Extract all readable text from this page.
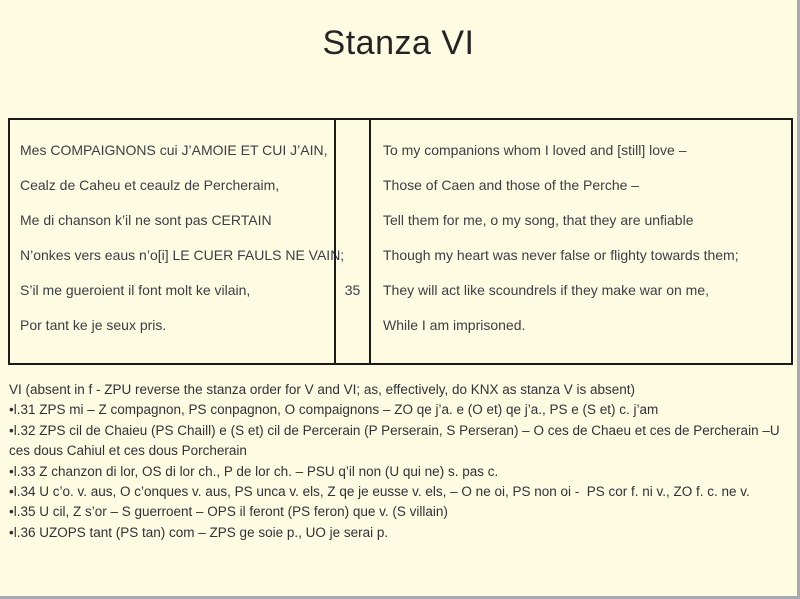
Stanza VI
Mes COMPAIGNONS cui J’AMOIE ET CUI J’AIN,
Cealz de Caheu et ceaulz de Percheraim,
Me di chanson k’il ne sont pas CERTAIN
N’onkes vers eaus n’o[i] LE CUER FAULS NE VAIN;
S’il me gueroient il font molt ke vilain,
Por tant ke je seux pris.
35
To my companions whom I loved and [still] love –
Those of Caen and those of the Perche –
Tell them for me, o my song, that they are unfiable
Though my heart was never false or flighty towards them;
They will act like scoundrels if they make war on me,
While I am imprisoned.
VI (absent in f - ZPU reverse the stanza order for V and VI; as, effectively, do KNX as stanza V is absent)
•l.31 ZPS mi – Z compagnon, PS conpagnon, O compaignons – ZO qe j’a. e (O et) qe j’a., PS e (S et) c. j’am
•l.32 ZPS cil de Chaieu (PS Chaill) e (S et) cil de Percerain (P Perserain, S Perseran) – O ces de Chaeu et ces de Percherain –U ces dous Cahiul et ces dous Porcherain
•l.33 Z chanzon di lor, OS di lor ch., P de lor ch. – PSU q’il non (U qui ne) s. pas c.
•l.34 U c’o. v. aus, O c’onques v. aus, PS unca v. els, Z qe je eusse v. els, – O ne oi, PS non oi -  PS cor f. ni v., ZO f. c. ne v.
•l.35 U cil, Z s’or – S guerroent – OPS il feront (PS feron) que v. (S villain)
•l.36 UZOPS tant (PS tan) com – ZPS ge soie p., UO je serai p.
